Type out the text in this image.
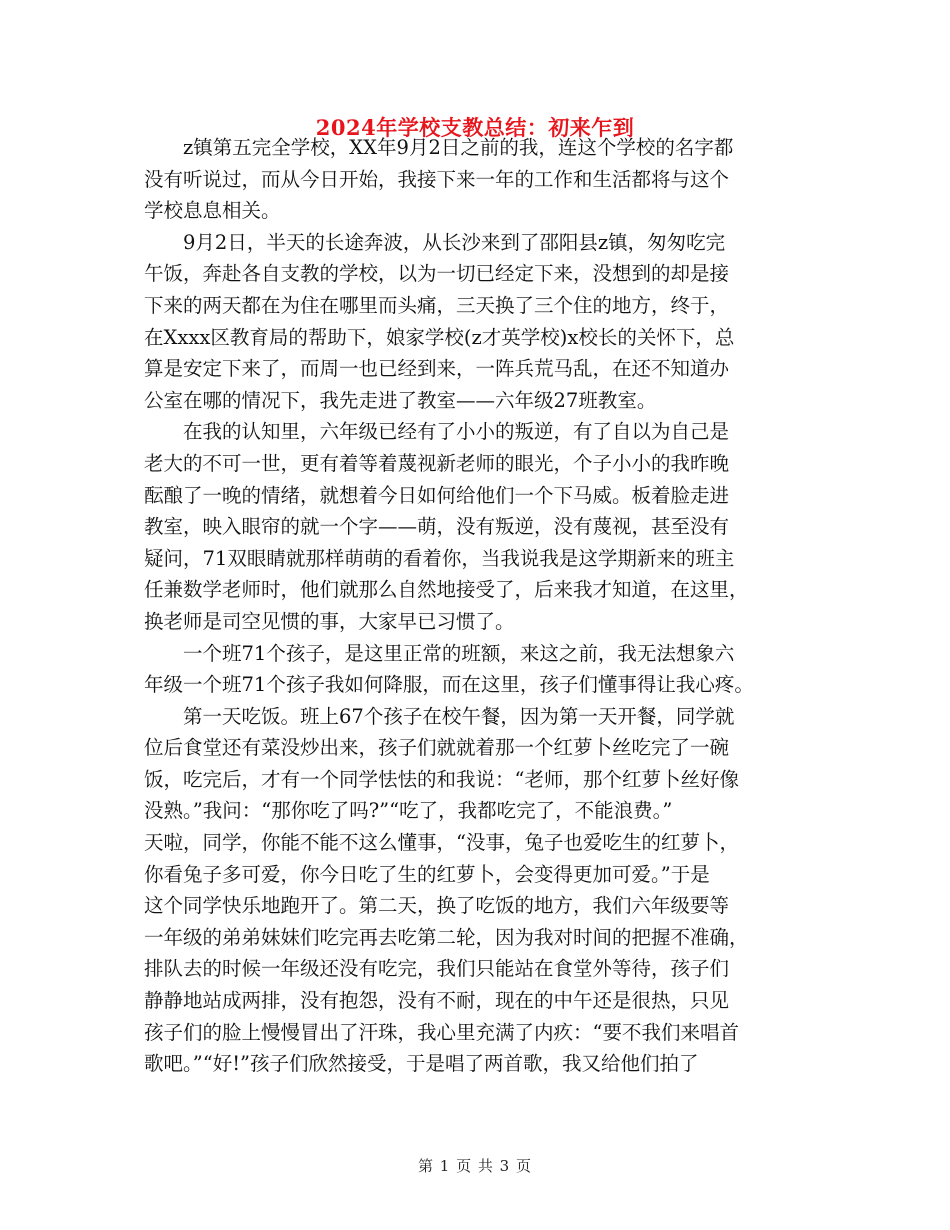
2024年学校支教总结：初来乍到
　　z镇第五完全学校，XX年9月2日之前的我，连这个学校的名字都
没有听说过，而从今日开始，我接下来一年的工作和生活都将与这个
学校息息相关。
　　9月2日，半天的长途奔波，从长沙来到了邵阳县z镇，匆匆吃完
午饭，奔赴各自支教的学校，以为一切已经定下来，没想到的却是接
下来的两天都在为住在哪里而头痛，三天换了三个住的地方，终于，
在Xxxx区教育局的帮助下，娘家学校(z才英学校)x校长的关怀下，总
算是安定下来了，而周一也已经到来，一阵兵荒马乱，在还不知道办
公室在哪的情况下，我先走进了教室——六年级27班教室。
　　在我的认知里，六年级已经有了小小的叛逆，有了自以为自己是
老大的不可一世，更有着等着蔑视新老师的眼光，个子小小的我昨晚
酝酿了一晚的情绪，就想着今日如何给他们一个下马威。板着脸走进
教室，映入眼帘的就一个字——萌，没有叛逆，没有蔑视，甚至没有
疑问，71双眼睛就那样萌萌的看着你，当我说我是这学期新来的班主
任兼数学老师时，他们就那么自然地接受了，后来我才知道，在这里，
换老师是司空见惯的事，大家早已习惯了。
　　一个班71个孩子，是这里正常的班额，来这之前，我无法想象六
年级一个班71个孩子我如何降服，而在这里，孩子们懂事得让我心疼。
　　第一天吃饭。班上67个孩子在校午餐，因为第一天开餐，同学就
位后食堂还有菜没炒出来，孩子们就就着那一个红萝卜丝吃完了一碗
饭，吃完后，才有一个同学怯怯的和我说：“老师，那个红萝卜丝好像
没熟。”我问：“那你吃了吗?”“吃了，我都吃完了，不能浪费。”
天啦，同学，你能不能不这么懂事，“没事，兔子也爱吃生的红萝卜，
你看兔子多可爱，你今日吃了生的红萝卜，会变得更加可爱。”于是
这个同学快乐地跑开了。第二天，换了吃饭的地方，我们六年级要等
一年级的弟弟妹妹们吃完再去吃第二轮，因为我对时间的把握不准确，
排队去的时候一年级还没有吃完，我们只能站在食堂外等待，孩子们
静静地站成两排，没有抱怨，没有不耐，现在的中午还是很热，只见
孩子们的脸上慢慢冒出了汗珠，我心里充满了内疚：“要不我们来唱首
歌吧。”“好!”孩子们欣然接受，于是唱了两首歌，我又给他们拍了
第 1 页 共 3 页
